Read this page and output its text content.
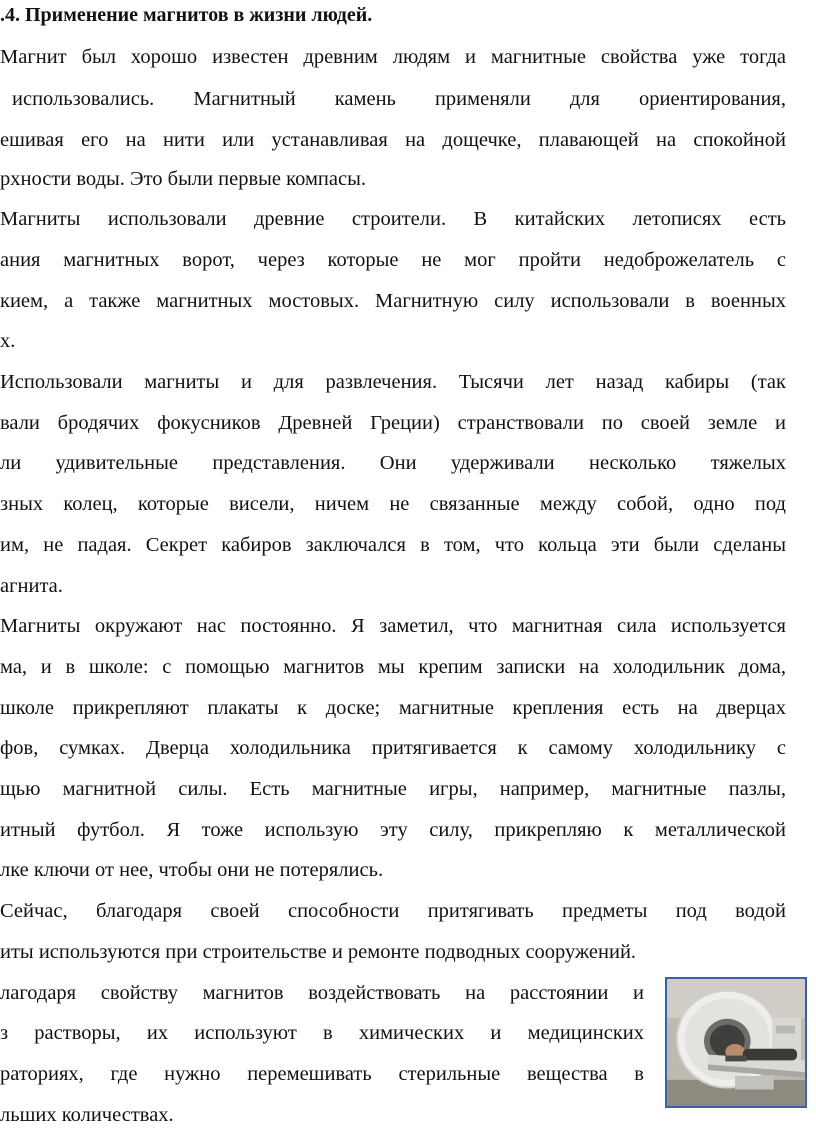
.4. Применение магнитов в жизни людей.
Магнит был хорошо известен древним людям и магнитные свойства уже тогда
использовались. Магнитный камень применяли для ориентирования,
ешивая его на нити или устанавливая на дощечке, плавающей на спокойной
рхности воды. Это были первые компасы.
Магниты использовали древние строители. В китайских летописях есть
ания магнитных ворот, через которые не мог пройти недоброжелатель с
кием, а также магнитных мостовых. Магнитную силу использовали в военных
х.
Использовали магниты и для развлечения. Тысячи лет назад кабиры (так
вали бродячих фокусников Древней Греции) странствовали по своей земле и
ли удивительные представления. Они удерживали несколько тяжелых
зных колец, которые висели, ничем не связанные между собой, одно под
им, не падая. Секрет кабиров заключался в том, что кольца эти были сделаны
агнита.
Магниты окружают нас постоянно. Я заметил, что магнитная сила используется
ма, и в школе: с помощью магнитов мы крепим записки на холодильник дома,
школе прикрепляют плакаты к доске; магнитные крепления есть на дверцах
фов, сумках. Дверца холодильника притягивается к самому холодильнику с
щью магнитной силы. Есть магнитные игры, например, магнитные пазлы,
итный футбол. Я тоже использую эту силу, прикрепляю к металлической
лке ключи от нее, чтобы они не потерялись.
Сейчас, благодаря своей способности притягивать предметы под водой
иты используются при строительстве и ремонте подводных сооружений.
лагодаря свойству магнитов воздействовать на расстоянии и
з растворы, их используют в химических и медицинских
раториях, где нужно перемешивать стерильные вещества в
льших количествах.
